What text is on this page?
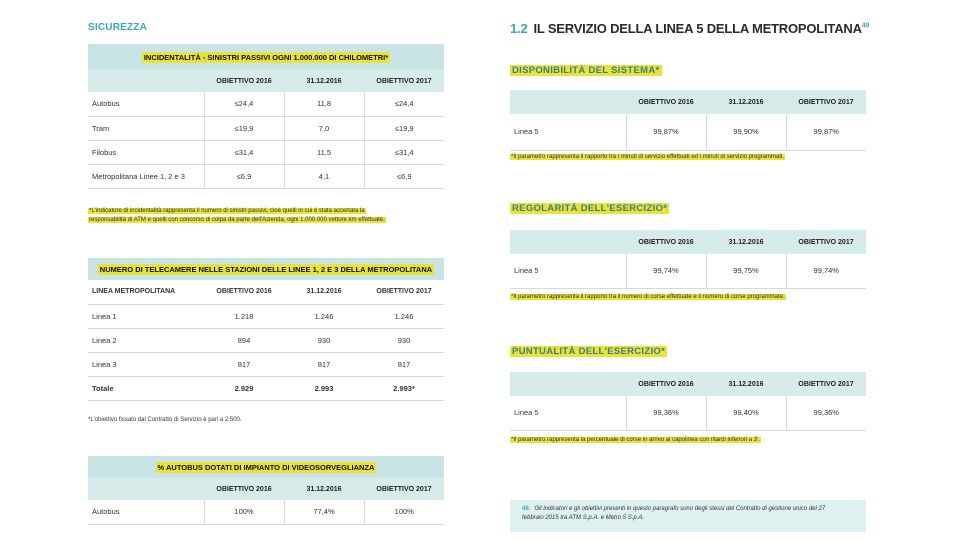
SICUREZZA
INCIDENTALITÀ - SINISTRI PASSIVI OGNI 1.000.000 DI CHILOMETRI*			
	OBIETTIVO 2016	31.12.2016	OBIETTIVO 2017
Autobus	≤24,4	11,8	≤24,4
Tram	≤19,9	7,0	≤19,9
Filobus	≤31,4	11,5	≤31,4
Metropolitana Linee 1, 2 e 3	≤6,9	4,1	≤6,9
*L'indicatore di incidentalità rappresenta il numero di sinistri passivi, cioè quelli in cui è stata accertata la
responsabilità di ATM e quelli con concorso di colpa da parte dell'Azienda, ogni 1.000.000 vetture km effettuate.
NUMERO DI TELECAMERE NELLE STAZIONI DELLE LINEE 1, 2 E 3 DELLA METROPOLITANA			
LINEA METROPOLITANA	OBIETTIVO 2016	31.12.2016	OBIETTIVO 2017
Linea 1	1.218	1.246	1.246
Linea 2	894	930	930
Linea 3	817	817	817
Totale	2.929	2.993	2.993*
*L'obiettivo fissato dal Contratto di Servizio è pari a 2.500.
% AUTOBUS DOTATI DI IMPIANTO DI VIDEOSORVEGLIANZA			
	OBIETTIVO 2016	31.12.2016	OBIETTIVO 2017
Autobus	100%	77,4%	100%
1.2 IL SERVIZIO DELLA LINEA 5 DELLA METROPOLITANA$^{49}$
DISPONIBILITÀ DEL SISTEMA*
	OBIETTIVO 2016	31.12.2016	OBIETTIVO 2017
Linea 5	99,87%	99,90%	99,87%
*Il parametro rappresenta il rapporto tra i minuti di servizio effettuati ed i minuti di servizio programmati.
REGOLARITÀ DELL'ESERCIZIO*
	OBIETTIVO 2016	31.12.2016	OBIETTIVO 2017
Linea 5	99,74%	99,75%	99,74%
*Il parametro rappresenta il rapporto tra il numero di corse effettuate e il numero di corse programmate.
PUNTUALITÀ DELL'ESERCIZIO*
	OBIETTIVO 2016	31.12.2016	OBIETTIVO 2017
Linea 5	99,36%	99,40%	99,36%
*Il parametro rappresenta la percentuale di corse in arrivo al capolinea con ritardi inferiori a 3'.
49. Gli indicatori e gli obiettivi presenti in questo paragrafo sono degli stessi del Contratto di gestione unico del 27
febbraio 2015 tra ATM S.p.A. e Metro 5 S.p.A.
